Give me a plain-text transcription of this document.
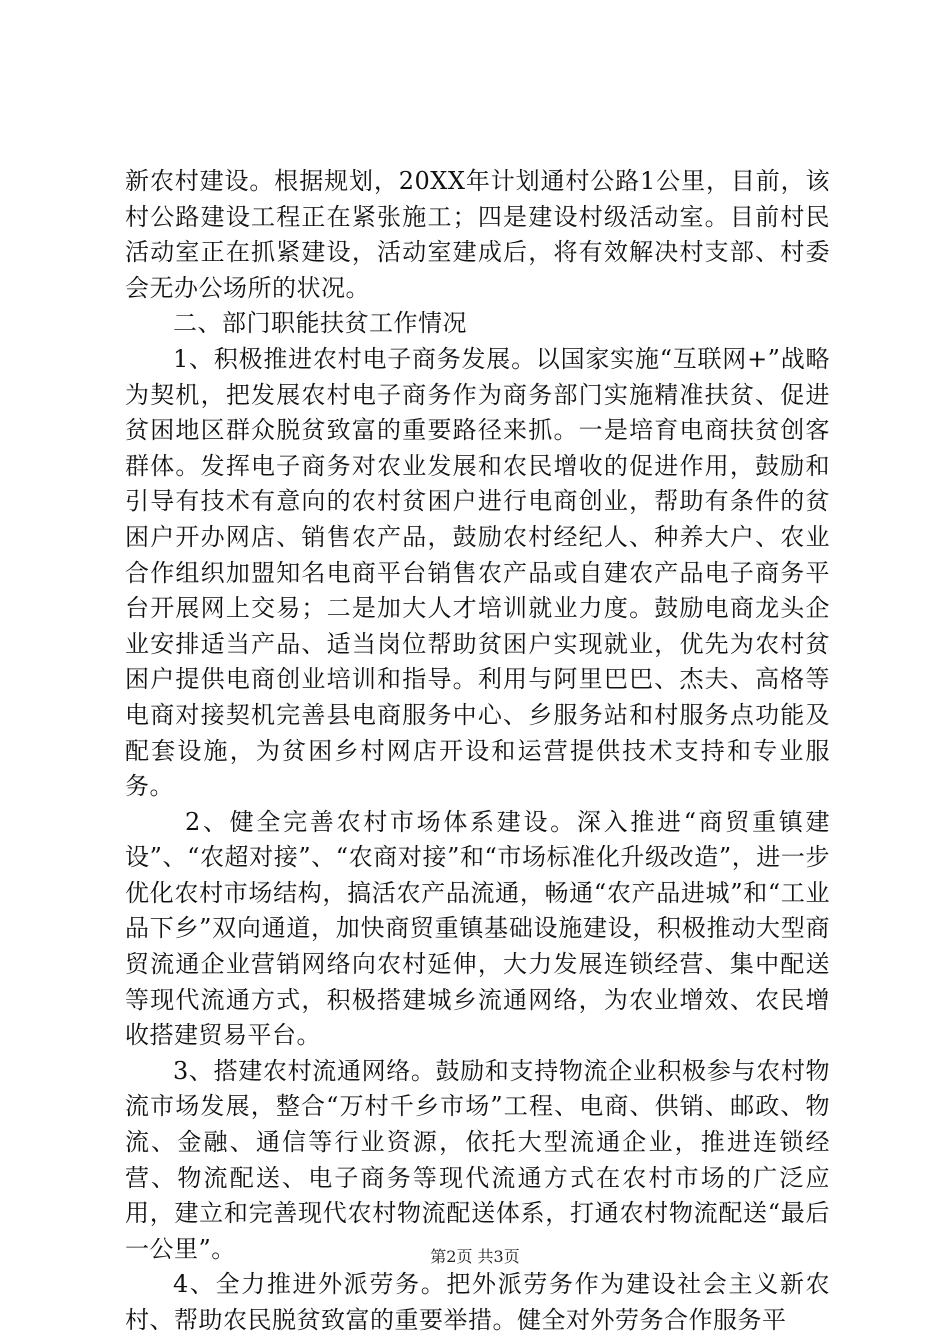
新农村建设。根据规划，20XX年计划通村公路1公里，目前，该村公路建设工程正在紧张施工；四是建设村级活动室。目前村民活动室正在抓紧建设，活动室建成后，将有效解决村支部、村委会无办公场所的状况。

二、部门职能扶贫工作情况

1、积极推进农村电子商务发展。以国家实施“互联网+”战略为契机，把发展农村电子商务作为商务部门实施精准扶贫、促进贫困地区群众脱贫致富的重要路径来抓。一是培育电商扶贫创客群体。发挥电子商务对农业发展和农民增收的促进作用，鼓励和引导有技术有意向的农村贫困户进行电商创业，帮助有条件的贫困户开办网店、销售农产品，鼓励农村经纪人、种养大户、农业合作组织加盟知名电商平台销售农产品或自建农产品电子商务平台开展网上交易；二是加大人才培训就业力度。鼓励电商龙头企业安排适当产品、适当岗位帮助贫困户实现就业，优先为农村贫困户提供电商创业培训和指导。利用与阿里巴巴、杰夫、高格等电商对接契机完善县电商服务中心、乡服务站和村服务点功能及配套设施，为贫困乡村网店开设和运营提供技术支持和专业服务。

2、健全完善农村市场体系建设。深入推进“商贸重镇建设”、“农超对接”、“农商对接”和“市场标准化升级改造”，进一步优化农村市场结构，搞活农产品流通，畅通“农产品进城”和“工业品下乡”双向通道，加快商贸重镇基础设施建设，积极推动大型商贸流通企业营销网络向农村延伸，大力发展连锁经营、集中配送等现代流通方式，积极搭建城乡流通网络，为农业增效、农民增收搭建贸易平台。

3、搭建农村流通网络。鼓励和支持物流企业积极参与农村物流市场发展，整合“万村千乡市场”工程、电商、供销、邮政、物流、金融、通信等行业资源，依托大型流通企业，推进连锁经营、物流配送、电子商务等现代流通方式在农村市场的广泛应用，建立和完善现代农村物流配送体系，打通农村物流配送“最后一公里”。

4、全力推进外派劳务。把外派劳务作为建设社会主义新农村、帮助农民脱贫致富的重要举措。健全对外劳务合作服务平

第2页 共3页
